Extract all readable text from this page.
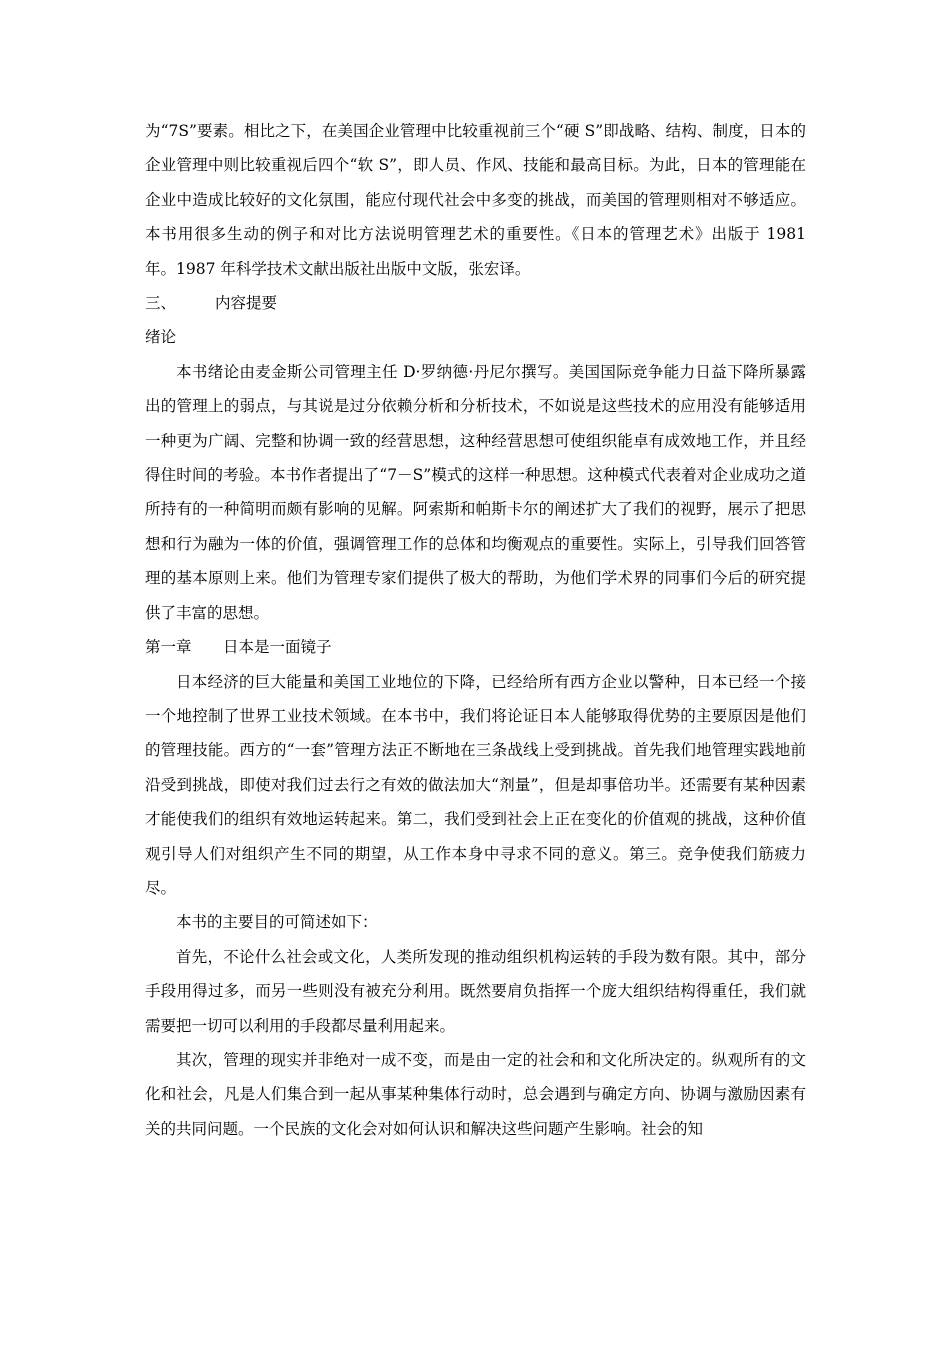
为“7S”要素。相比之下，在美国企业管理中比较重视前三个“硬 S”即战略、结构、制度，日本的企业管理中则比较重视后四个“软 S”，即人员、作风、技能和最高目标。为此，日本的管理能在企业中造成比较好的文化氛围，能应付现代社会中多变的挑战，而美国的管理则相对不够适应。本书用很多生动的例子和对比方法说明管理艺术的重要性。《日本的管理艺术》出版于 1981 年。1987 年科学技术文献出版社出版中文版，张宏译。

三、	内容提要

绪论

本书绪论由麦金斯公司管理主任 D·罗纳德·丹尼尔撰写。美国国际竞争能力日益下降所暴露出的管理上的弱点，与其说是过分依赖分析和分析技术，不如说是这些技术的应用没有能够适用一种更为广阔、完整和协调一致的经营思想，这种经营思想可使组织能卓有成效地工作，并且经得住时间的考验。本书作者提出了“7－S”模式的这样一种思想。这种模式代表着对企业成功之道所持有的一种简明而颇有影响的见解。阿索斯和帕斯卡尔的阐述扩大了我们的视野，展示了把思想和行为融为一体的价值，强调管理工作的总体和均衡观点的重要性。实际上，引导我们回答管理的基本原则上来。他们为管理专家们提供了极大的帮助，为他们学术界的同事们今后的研究提供了丰富的思想。

第一章 日本是一面镜子

日本经济的巨大能量和美国工业地位的下降，已经给所有西方企业以警种，日本已经一个接一个地控制了世界工业技术领域。在本书中，我们将论证日本人能够取得优势的主要原因是他们的管理技能。西方的“一套”管理方法正不断地在三条战线上受到挑战。首先我们地管理实践地前沿受到挑战，即使对我们过去行之有效的做法加大“剂量”，但是却事倍功半。还需要有某种因素才能使我们的组织有效地运转起来。第二，我们受到社会上正在变化的价值观的挑战，这种价值观引导人们对组织产生不同的期望，从工作本身中寻求不同的意义。第三。竞争使我们筋疲力尽。

本书的主要目的可简述如下：

首先，不论什么社会或文化，人类所发现的推动组织机构运转的手段为数有限。其中，部分手段用得过多，而另一些则没有被充分利用。既然要肩负指挥一个庞大组织结构得重任，我们就需要把一切可以利用的手段都尽量利用起来。

其次，管理的现实并非绝对一成不变，而是由一定的社会和和文化所决定的。纵观所有的文化和社会，凡是人们集合到一起从事某种集体行动时，总会遇到与确定方向、协调与激励因素有关的共同问题。一个民族的文化会对如何认识和解决这些问题产生影响。社会的知
